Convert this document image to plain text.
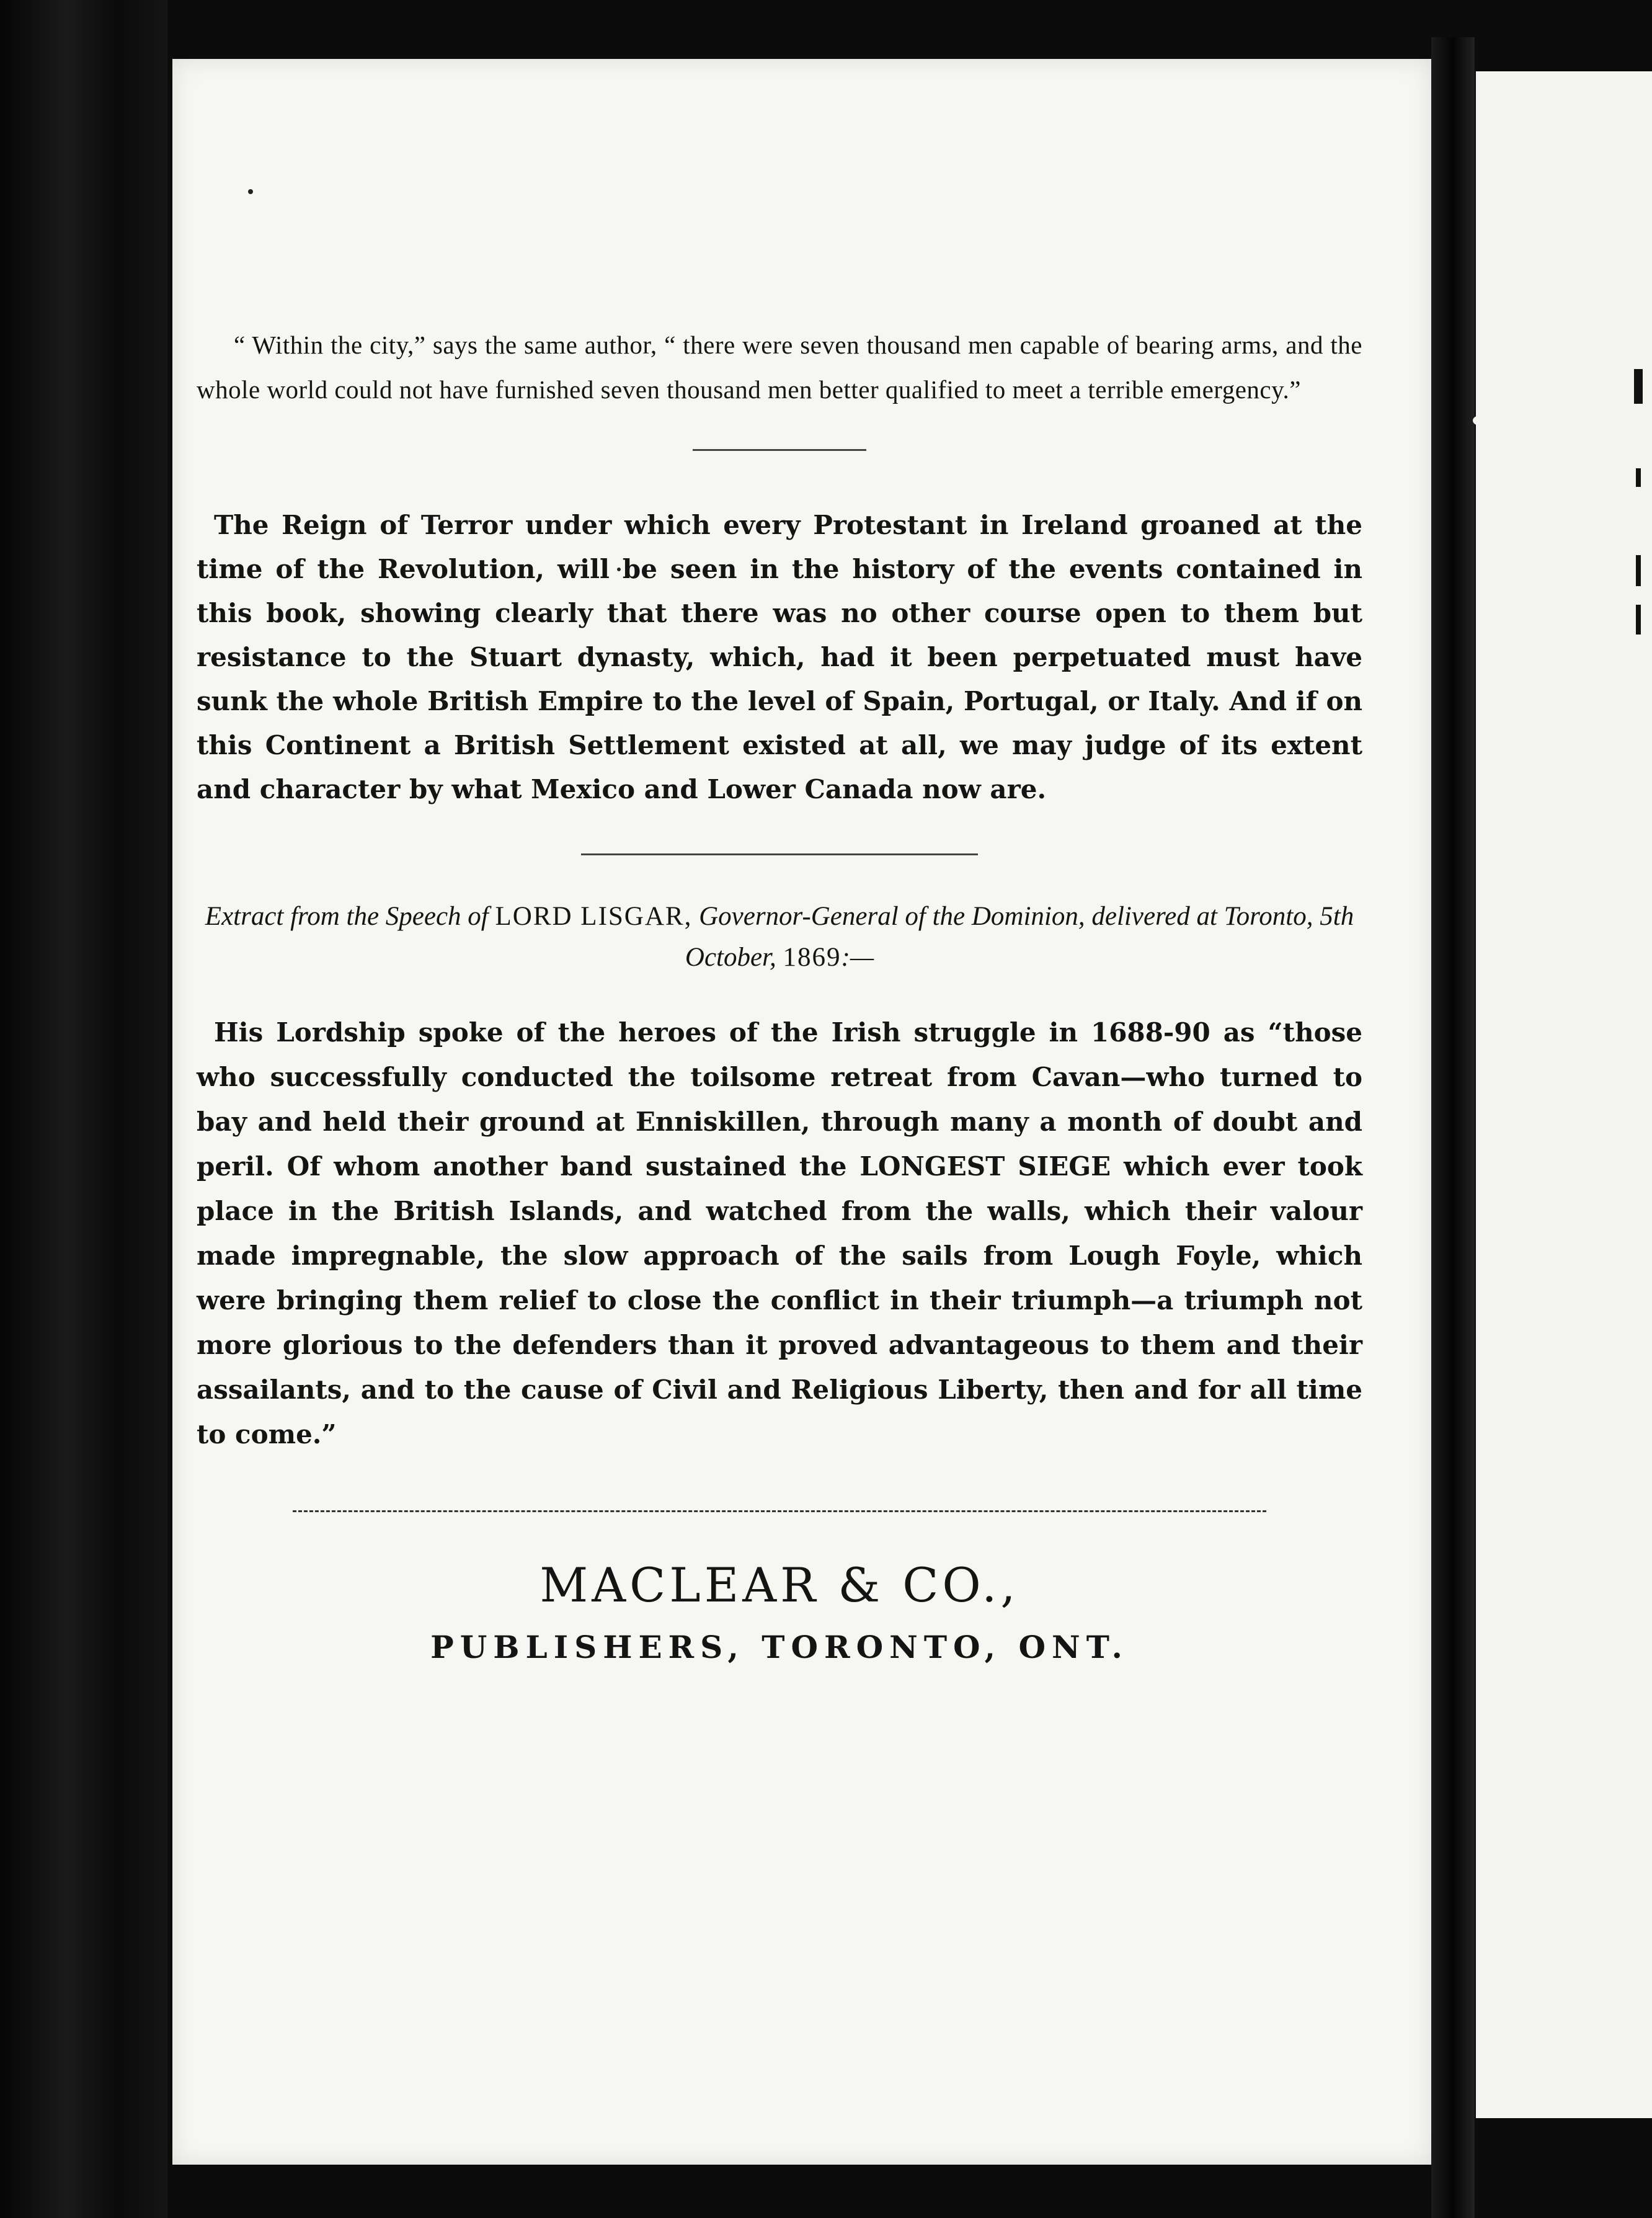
“ Within the city,” says the same author, “ there were seven thousand men capable of bearing arms, and the whole world could not have furnished seven thousand men better qualified to meet a terrible emergency.”

The Reign of Terror under which every Protestant in Ireland groaned at the time of the Revolution, will be seen in the history of the events contained in this book, showing clearly that there was no other course open to them but resistance to the Stuart dynasty, which, had it been perpetuated must have sunk the whole British Empire to the level of Spain, Portugal, or Italy. And if on this Continent a British Settlement existed at all, we may judge of its extent and character by what Mexico and Lower Canada now are.

Extract from the Speech of LORD LISGAR, Governor-General of the Dominion, delivered at Toronto, 5th October, 1869:—

His Lordship spoke of the heroes of the Irish struggle in 1688-90 as “those who successfully conducted the toilsome retreat from Cavan—who turned to bay and held their ground at Enniskillen, through many a month of doubt and peril. Of whom another band sustained the LONGEST SIEGE which ever took place in the British Islands, and watched from the walls, which their valour made impregnable, the slow approach of the sails from Lough Foyle, which were bringing them relief to close the conflict in their triumph—a triumph not more glorious to the defenders than it proved advantageous to them and their assailants, and to the cause of Civil and Religious Liberty, then and for all time to come.”

MACLEAR & CO.,

PUBLISHERS, TORONTO, ONT.
